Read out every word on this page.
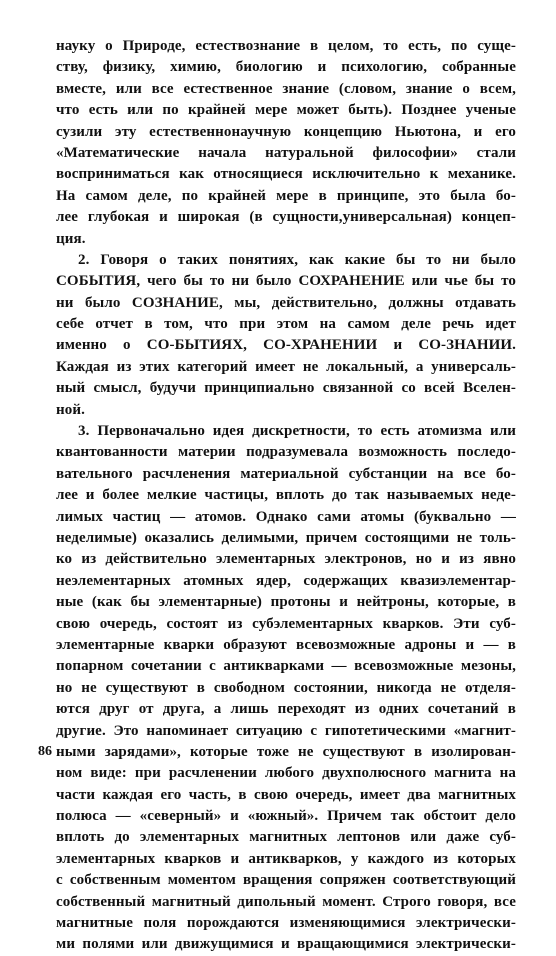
науку о Природе, естествознание в целом, то есть, по суще-
ству, физику, химию, биологию и психологию, собранные
вместе, или все естественное знание (словом, знание о всем,
что есть или по крайней мере может быть). Позднее ученые
сузили эту естественнонаучную концепцию Ньютона, и его
«Математические начала натуральной философии» стали
восприниматься как относящиеся исключительно к механике.
На самом деле, по крайней мере в принципе, это была бо-
лее глубокая и широкая (в сущности,универсальная) концеп-
ция.
2. Говоря о таких понятиях, как какие бы то ни было
СОБЫТИЯ, чего бы то ни было СОХРАНЕНИЕ или чье бы то
ни было СОЗНАНИЕ, мы, действительно, должны отдавать
себе отчет в том, что при этом на самом деле речь идет
именно о СО-БЫТИЯХ, СО-ХРАНЕНИИ и СО-ЗНАНИИ.
Каждая из этих категорий имеет не локальный, а универсаль-
ный смысл, будучи принципиально связанной со всей Вселен-
ной.
3. Первоначально идея дискретности, то есть атомизма или
квантованности материи подразумевала возможность последо-
вательного расчленения материальной субстанции на все бо-
лее и более мелкие частицы, вплоть до так называемых неде-
лимых частиц — атомов. Однако сами атомы (буквально —
неделимые) оказались делимыми, причем состоящими не толь-
ко из действительно элементарных электронов, но и из явно
неэлементарных атомных ядер, содержащих квазиэлементар-
ные (как бы элементарные) протоны и нейтроны, которые, в
свою очередь, состоят из субэлементарных кварков. Эти суб-
элементарные кварки образуют всевозможные адроны и — в
попарном сочетании с антикварками — всевозможные мезоны,
но не существуют в свободном состоянии, никогда не отделя-
ются друг от друга, а лишь переходят из одних сочетаний в
другие. Это напоминает ситуацию с гипотетическими «магнит-
ными зарядами», которые тоже не существуют в изолирован-
ном виде: при расчленении любого двухполюсного магнита на
части каждая его часть, в свою очередь, имеет два магнитных
полюса — «северный» и «южный». Причем так обстоит дело
вплоть до элементарных магнитных лептонов или даже суб-
элементарных кварков и антикварков, у каждого из которых
с собственным моментом вращения сопряжен соответствующий
собственный магнитный дипольный момент. Строго говоря, все
магнитные поля порождаются изменяющимися электрически-
ми полями или движущимися и вращающимися электрически-
86
